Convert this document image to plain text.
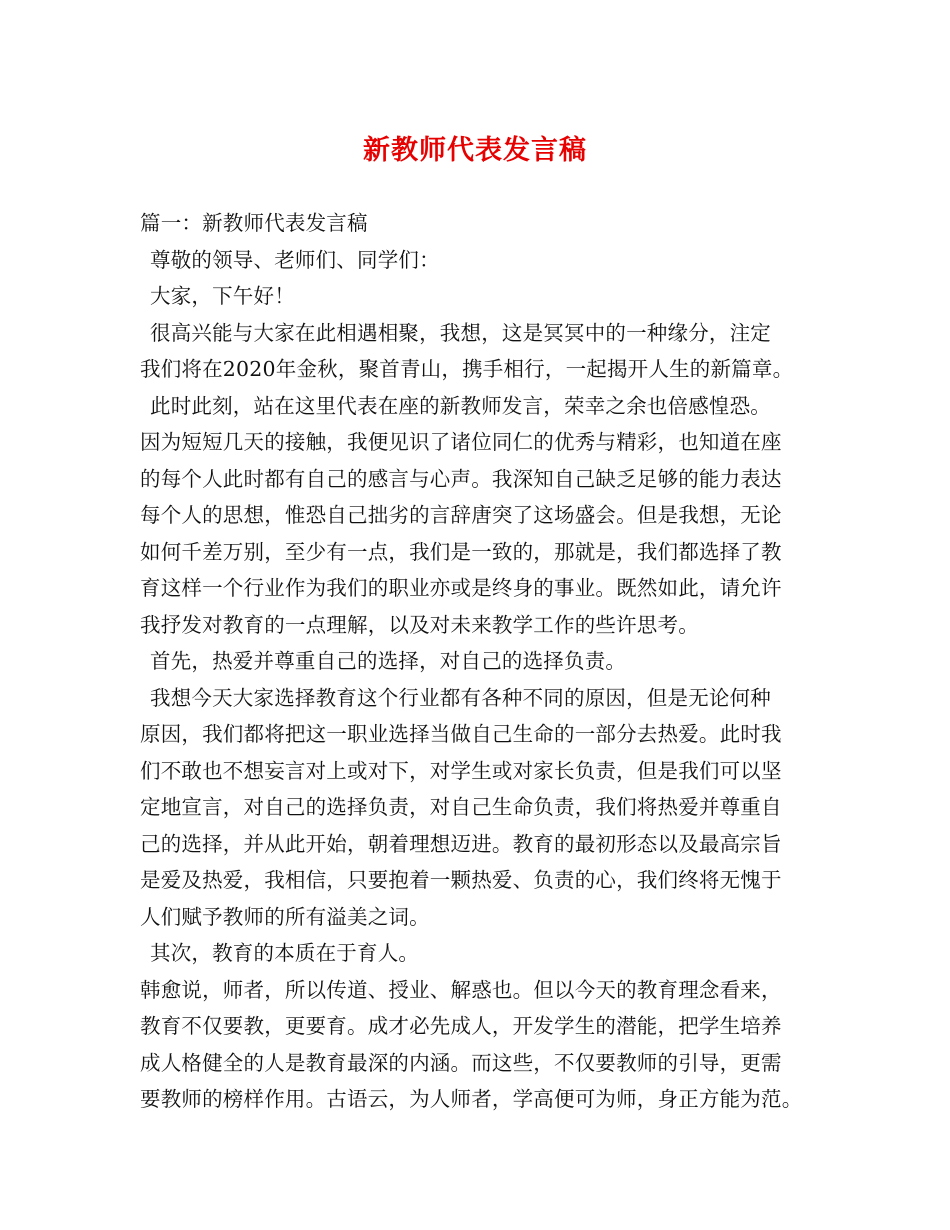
新教师代表发言稿
篇一：新教师代表发言稿
尊敬的领导、老师们、同学们：
大家，下午好！
很高兴能与大家在此相遇相聚，我想，这是冥冥中的一种缘分，注定
我们将在2020年金秋，聚首青山，携手相行，一起揭开人生的新篇章。
此时此刻，站在这里代表在座的新教师发言，荣幸之余也倍感惶恐。
因为短短几天的接触，我便见识了诸位同仁的优秀与精彩，也知道在座
的每个人此时都有自己的感言与心声。我深知自己缺乏足够的能力表达
每个人的思想，惟恐自己拙劣的言辞唐突了这场盛会。但是我想，无论
如何千差万别，至少有一点，我们是一致的，那就是，我们都选择了教
育这样一个行业作为我们的职业亦或是终身的事业。既然如此，请允许
我抒发对教育的一点理解，以及对未来教学工作的些许思考。
首先，热爱并尊重自己的选择，对自己的选择负责。
我想今天大家选择教育这个行业都有各种不同的原因，但是无论何种
原因，我们都将把这一职业选择当做自己生命的一部分去热爱。此时我
们不敢也不想妄言对上或对下，对学生或对家长负责，但是我们可以坚
定地宣言，对自己的选择负责，对自己生命负责，我们将热爱并尊重自
己的选择，并从此开始，朝着理想迈进。教育的最初形态以及最高宗旨
是爱及热爱，我相信，只要抱着一颗热爱、负责的心，我们终将无愧于
人们赋予教师的所有溢美之词。
其次，教育的本质在于育人。
韩愈说，师者，所以传道、授业、解惑也。但以今天的教育理念看来，
教育不仅要教，更要育。成才必先成人，开发学生的潜能，把学生培养
成人格健全的人是教育最深的内涵。而这些，不仅要教师的引导，更需
要教师的榜样作用。古语云，为人师者，学高便可为师，身正方能为范。
